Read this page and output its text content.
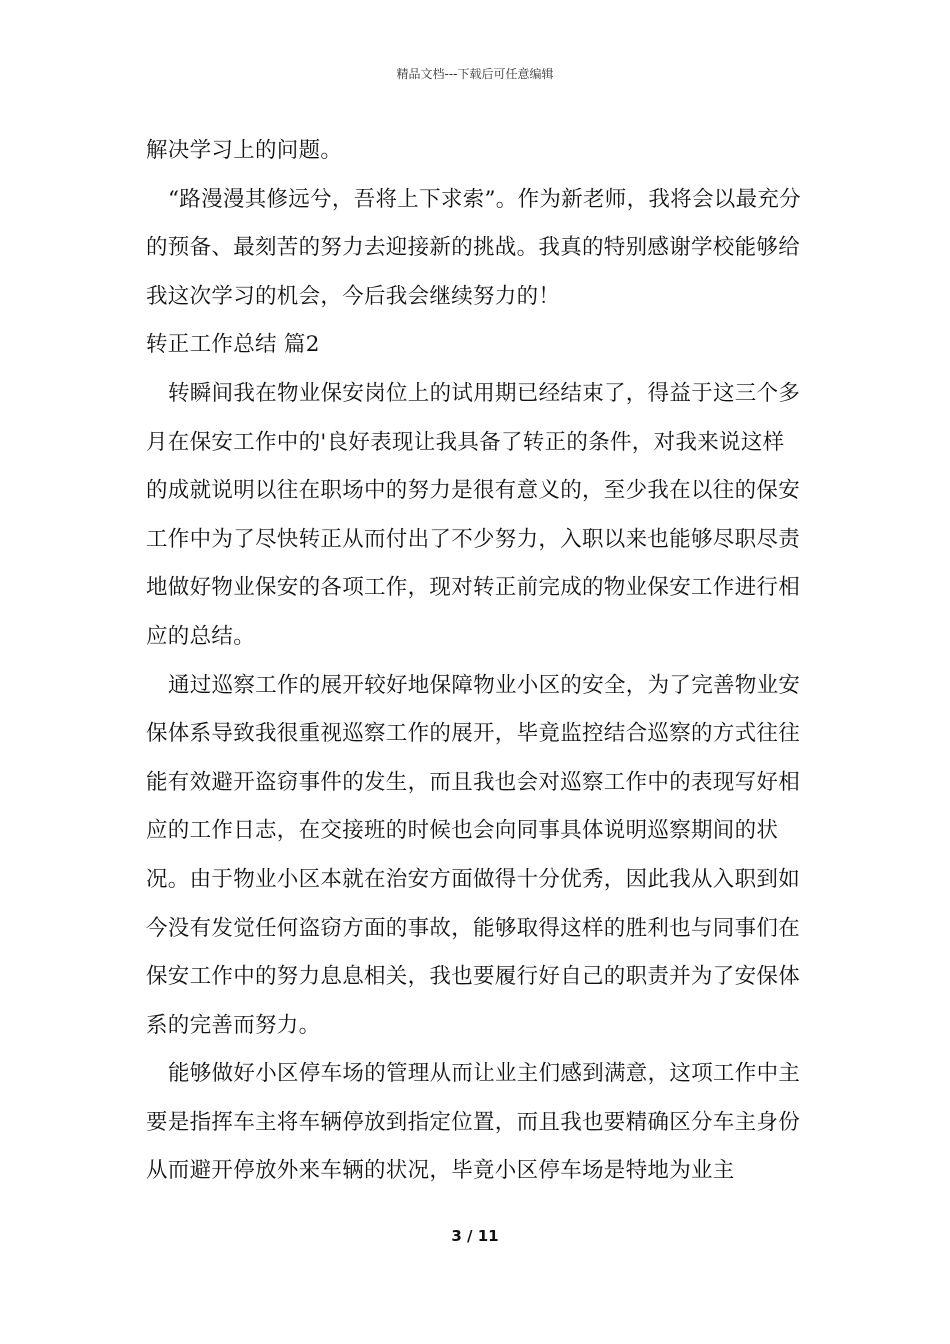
精品文档---下载后可任意编辑

解决学习上的问题。

“路漫漫其修远兮，吾将上下求索”。作为新老师，我将会以最充分的预备、最刻苦的努力去迎接新的挑战。我真的特别感谢学校能够给我这次学习的机会，今后我会继续努力的！

转正工作总结 篇2

转瞬间我在物业保安岗位上的试用期已经结束了，得益于这三个多月在保安工作中的'良好表现让我具备了转正的条件，对我来说这样的成就说明以往在职场中的努力是很有意义的，至少我在以往的保安工作中为了尽快转正从而付出了不少努力，入职以来也能够尽职尽责地做好物业保安的各项工作，现对转正前完成的物业保安工作进行相应的总结。

通过巡察工作的展开较好地保障物业小区的安全，为了完善物业安保体系导致我很重视巡察工作的展开，毕竟监控结合巡察的方式往往能有效避开盗窃事件的发生，而且我也会对巡察工作中的表现写好相应的工作日志，在交接班的时候也会向同事具体说明巡察期间的状况。由于物业小区本就在治安方面做得十分优秀，因此我从入职到如今没有发觉任何盗窃方面的事故，能够取得这样的胜利也与同事们在保安工作中的努力息息相关，我也要履行好自己的职责并为了安保体系的完善而努力。

能够做好小区停车场的管理从而让业主们感到满意，这项工作中主要是指挥车主将车辆停放到指定位置，而且我也要精确区分车主身份从而避开停放外来车辆的状况，毕竟小区停车场是特地为业主

3 / 11
